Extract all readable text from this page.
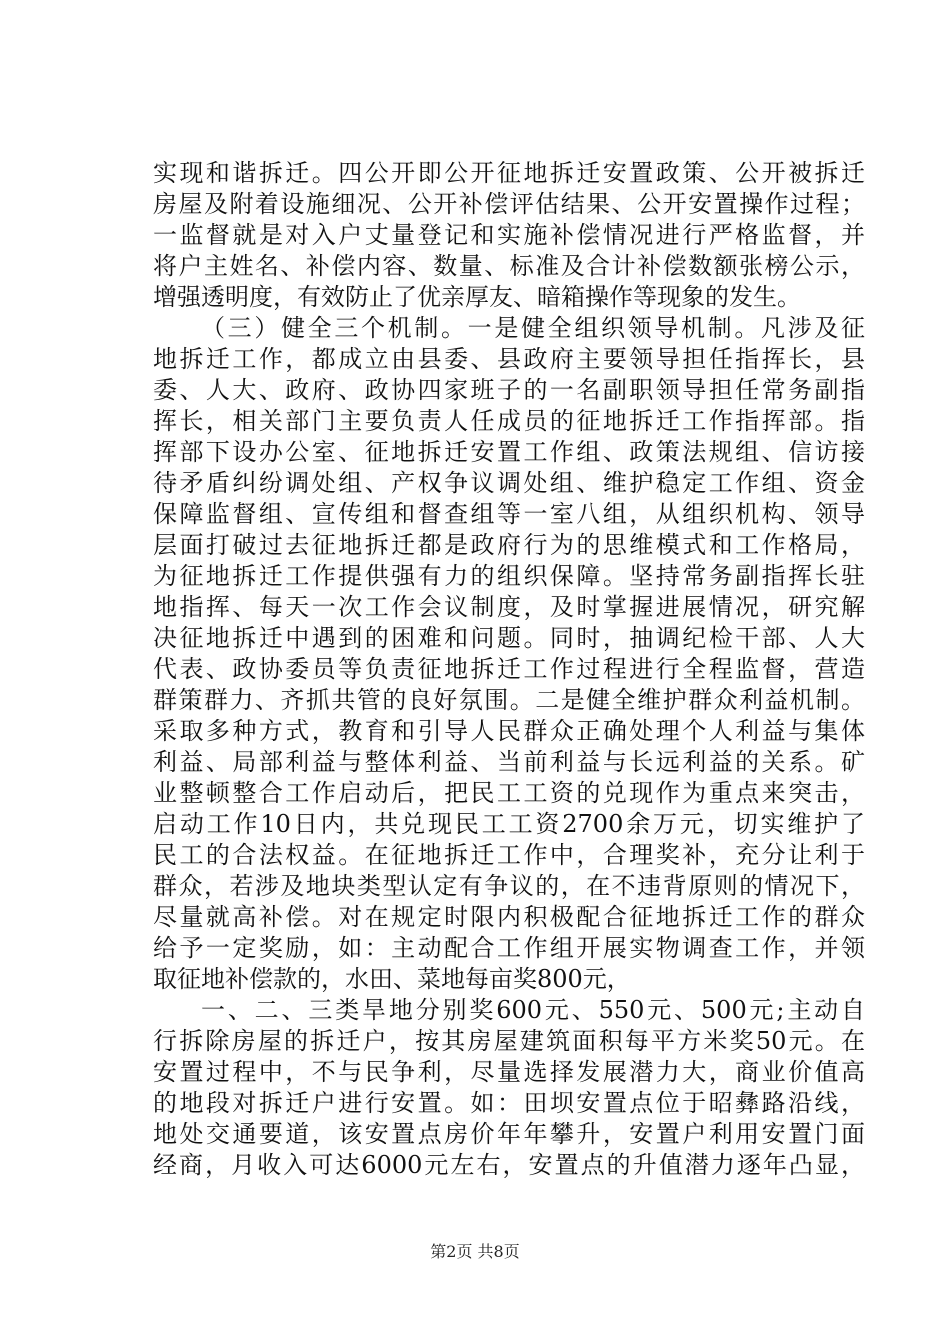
实现和谐拆迁。四公开即公开征地拆迁安置政策、公开被拆迁
房屋及附着设施细况、公开补偿评估结果、公开安置操作过程；
一监督就是对入户丈量登记和实施补偿情况进行严格监督，并
将户主姓名、补偿内容、数量、标准及合计补偿数额张榜公示，
增强透明度，有效防止了优亲厚友、暗箱操作等现象的发生。
（三）健全三个机制。一是健全组织领导机制。凡涉及征
地拆迁工作，都成立由县委、县政府主要领导担任指挥长，县
委、人大、政府、政协四家班子的一名副职领导担任常务副指
挥长，相关部门主要负责人任成员的征地拆迁工作指挥部。指
挥部下设办公室、征地拆迁安置工作组、政策法规组、信访接
待矛盾纠纷调处组、产权争议调处组、维护稳定工作组、资金
保障监督组、宣传组和督查组等一室八组，从组织机构、领导
层面打破过去征地拆迁都是政府行为的思维模式和工作格局，
为征地拆迁工作提供强有力的组织保障。坚持常务副指挥长驻
地指挥、每天一次工作会议制度，及时掌握进展情况，研究解
决征地拆迁中遇到的困难和问题。同时，抽调纪检干部、人大
代表、政协委员等负责征地拆迁工作过程进行全程监督，营造
群策群力、齐抓共管的良好氛围。二是健全维护群众利益机制。
采取多种方式，教育和引导人民群众正确处理个人利益与集体
利益、局部利益与整体利益、当前利益与长远利益的关系。矿
业整顿整合工作启动后，把民工工资的兑现作为重点来突击，
启动工作10日内，共兑现民工工资2700余万元，切实维护了
民工的合法权益。在征地拆迁工作中，合理奖补，充分让利于
群众，若涉及地块类型认定有争议的，在不违背原则的情况下，
尽量就高补偿。对在规定时限内积极配合征地拆迁工作的群众
给予一定奖励，如：主动配合工作组开展实物调查工作，并领
取征地补偿款的，水田、菜地每亩奖800元，
一、二、三类旱地分别奖600元、550元、500元;主动自
行拆除房屋的拆迁户，按其房屋建筑面积每平方米奖50元。在
安置过程中，不与民争利，尽量选择发展潜力大，商业价值高
的地段对拆迁户进行安置。如：田坝安置点位于昭彝路沿线，
地处交通要道，该安置点房价年年攀升，安置户利用安置门面
经商，月收入可达6000元左右，安置点的升值潜力逐年凸显，
第2页 共8页
